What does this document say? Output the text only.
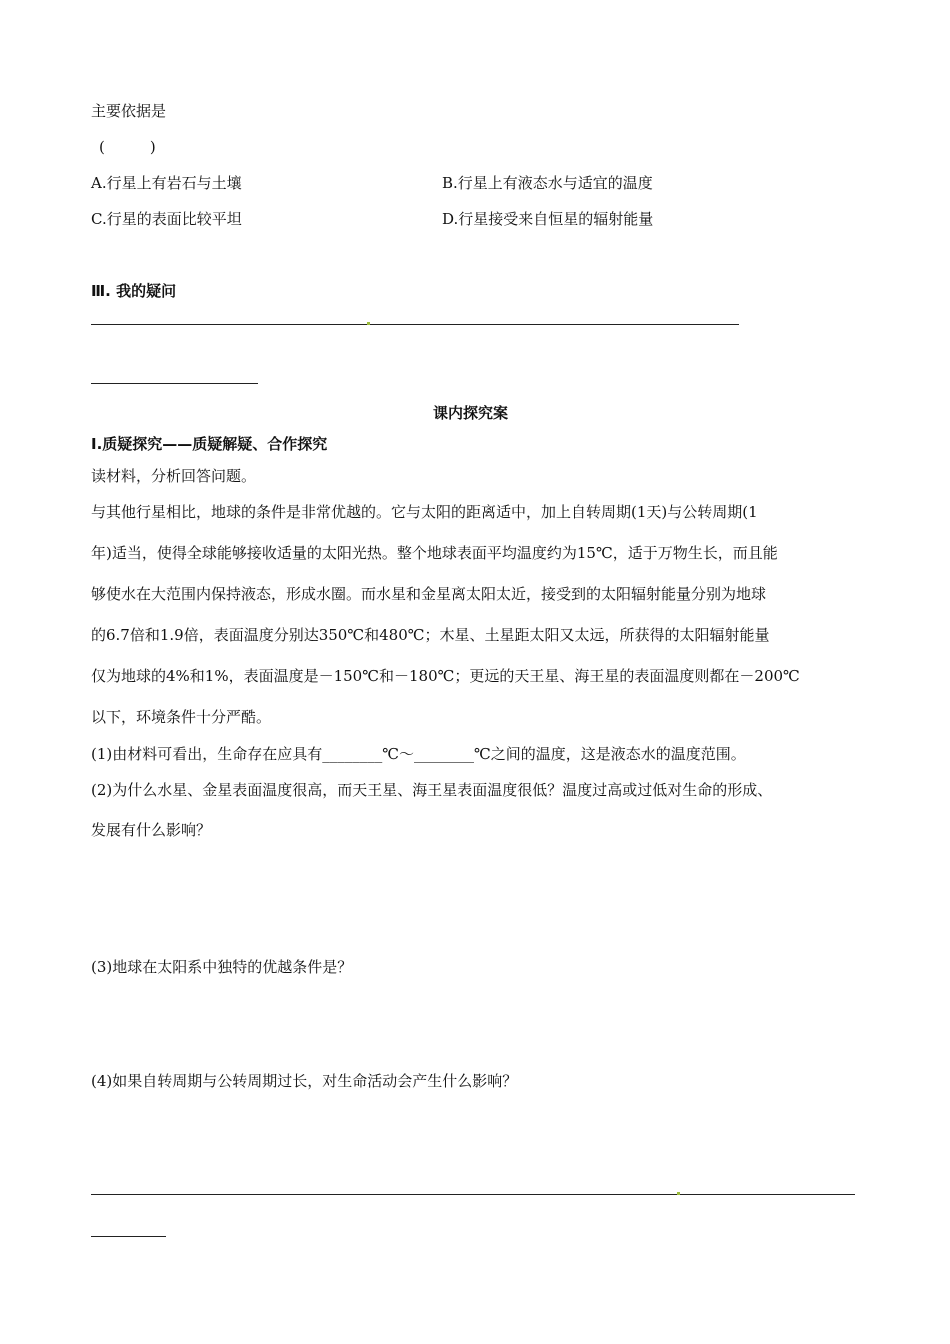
主要依据是
(　　　)
A.行星上有岩石与土壤	B.行星上有液态水与适宜的温度
C.行星的表面比较平坦	D.行星接受来自恒星的辐射能量
Ⅲ. 我的疑问
课内探究案
Ⅰ.质疑探究——质疑解疑、合作探究
读材料，分析回答问题。
与其他行星相比，地球的条件是非常优越的。它与太阳的距离适中，加上自转周期(1天)与公转周期(1
年)适当，使得全球能够接收适量的太阳光热。整个地球表面平均温度约为15℃，适于万物生长，而且能
够使水在大范围内保持液态，形成水圈。而水星和金星离太阳太近，接受到的太阳辐射能量分别为地球
的6.7倍和1.9倍，表面温度分别达350℃和480℃；木星、土星距太阳又太远，所获得的太阳辐射能量
仅为地球的4%和1%，表面温度是－150℃和－180℃；更远的天王星、海王星的表面温度则都在－200℃
以下，环境条件十分严酷。
(1)由材料可看出，生命存在应具有________℃～________℃之间的温度，这是液态水的温度范围。
(2)为什么水星、金星表面温度很高，而天王星、海王星表面温度很低？温度过高或过低对生命的形成、
发展有什么影响？
(3)地球在太阳系中独特的优越条件是？
(4)如果自转周期与公转周期过长，对生命活动会产生什么影响？
